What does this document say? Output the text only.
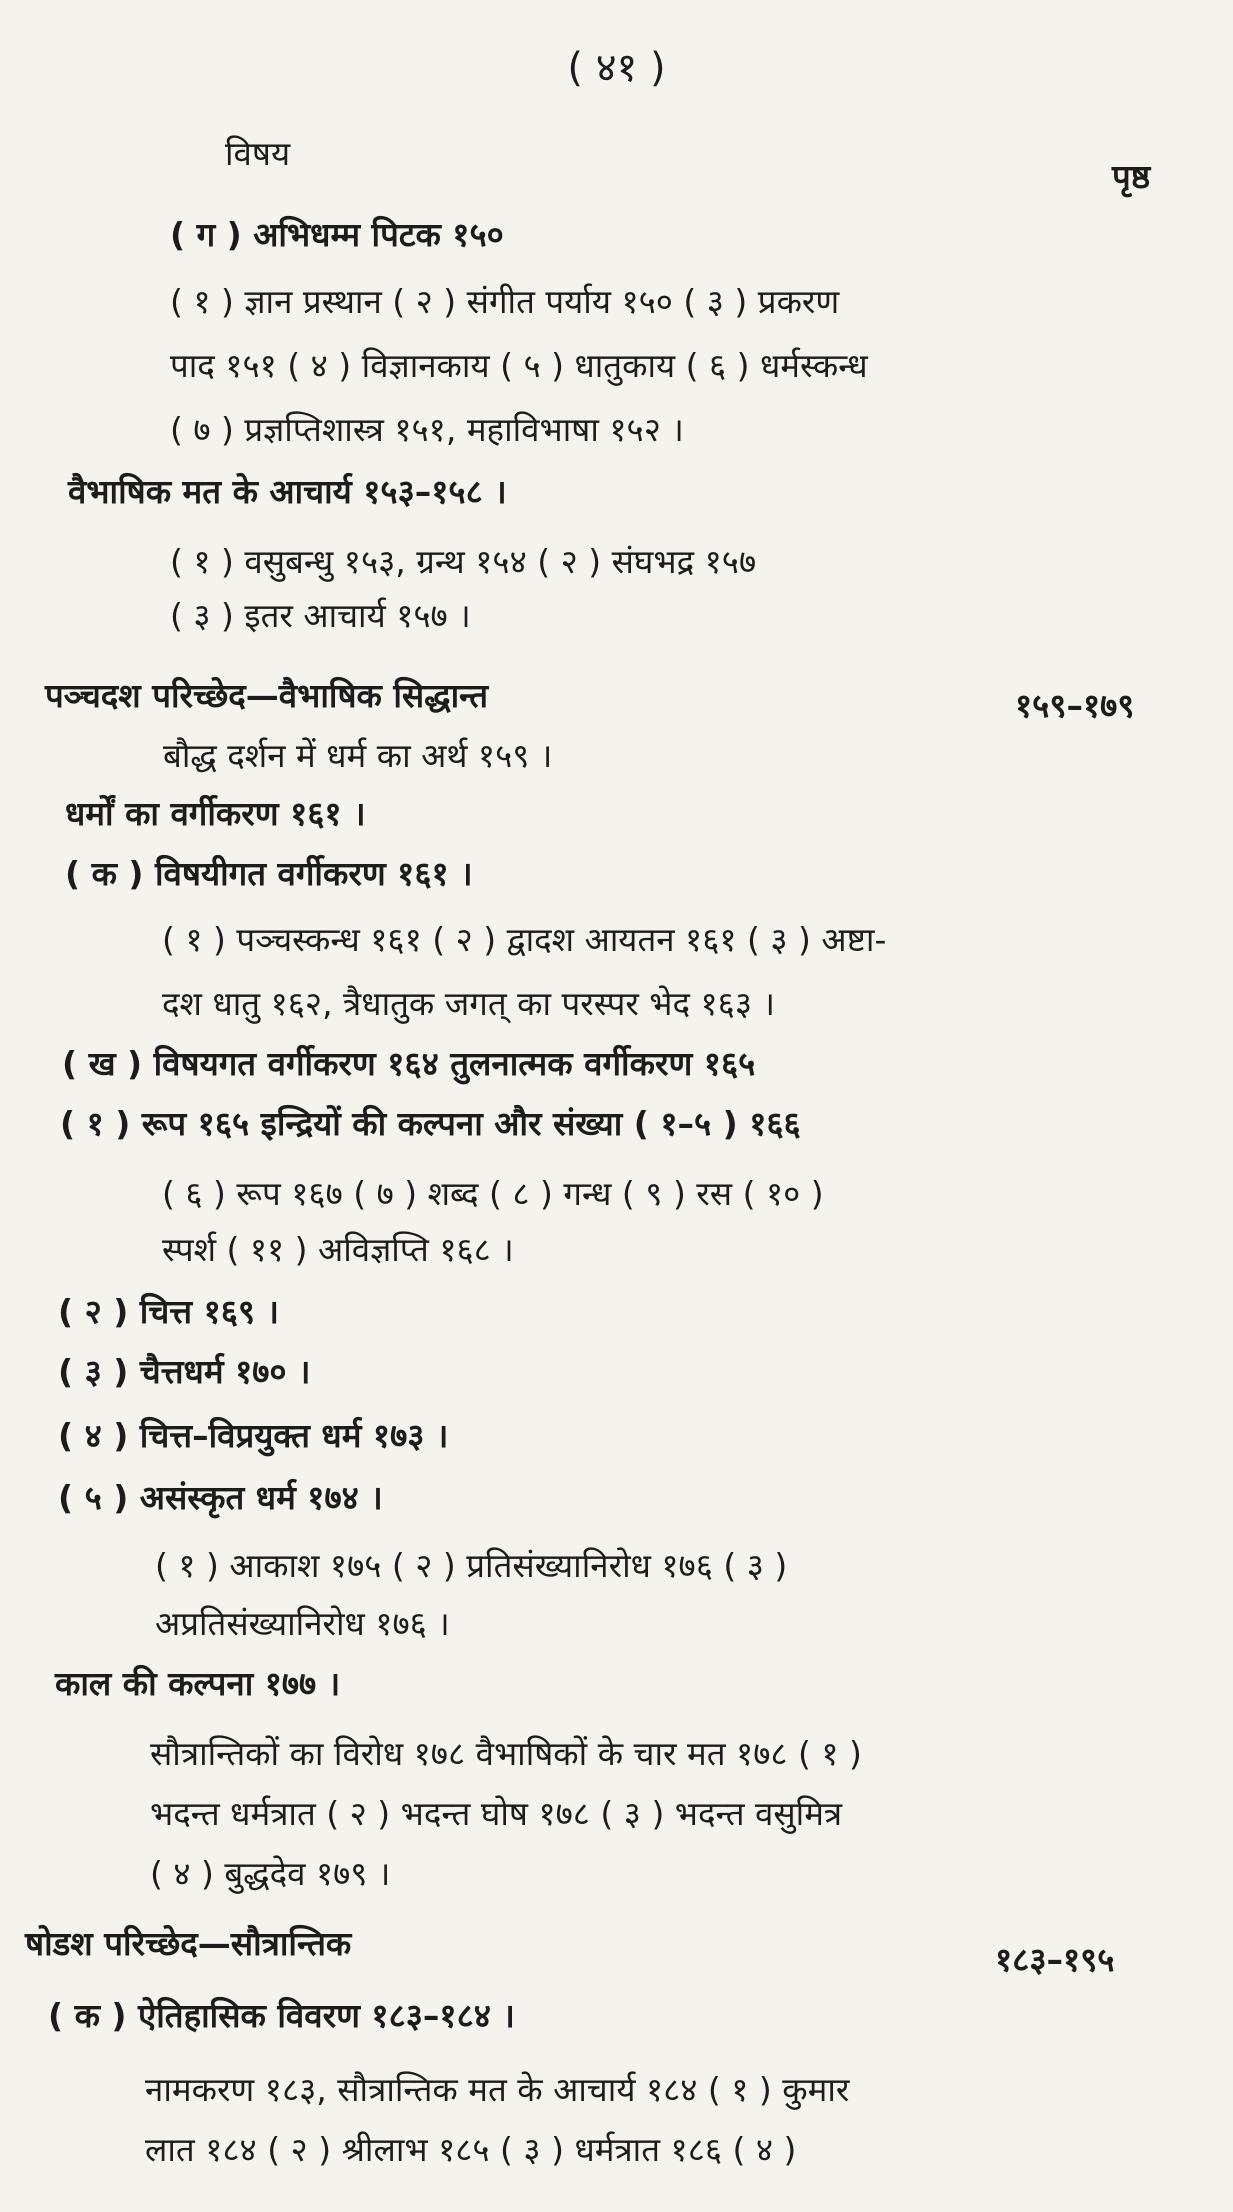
( ४१ )
विषय
पृष्ठ
( ग ) अभिधम्म पिटक १५०
( १ ) ज्ञान प्रस्थान ( २ ) संगीत पर्याय १५० ( ३ ) प्रकरण
पाद १५१ ( ४ ) विज्ञानकाय ( ५ ) धातुकाय ( ६ ) धर्मस्कन्ध
( ७ ) प्रज्ञप्तिशास्त्र १५१, महाविभाषा १५२ ।
वैभाषिक मत के आचार्य १५३–१५८ ।
( १ ) वसुबन्धु १५३, ग्रन्थ १५४ ( २ ) संघभद्र १५७
( ३ ) इतर आचार्य १५७ ।
पञ्चदश परिच्छेद—वैभाषिक सिद्धान्त	१५९–१७९
बौद्ध दर्शन में धर्म का अर्थ १५९ ।
धर्मों का वर्गीकरण १६१ ।
( क ) विषयीगत वर्गीकरण १६१ ।
( १ ) पञ्चस्कन्ध १६१ ( २ ) द्वादश आयतन १६१ ( ३ ) अष्टा-
दश धातु १६२, त्रैधातुक जगत् का परस्पर भेद १६३ ।
( ख ) विषयगत वर्गीकरण १६४ तुलनात्मक वर्गीकरण १६५
( १ ) रूप १६५ इन्द्रियों की कल्पना और संख्या ( १–५ ) १६६
( ६ ) रूप १६७ ( ७ ) शब्द ( ८ ) गन्ध ( ९ ) रस ( १० )
स्पर्श ( ११ ) अविज्ञप्ति १६८ ।
( २ ) चित्त १६९ ।
( ३ ) चैत्तधर्म १७० ।
( ४ ) चित्त–विप्रयुक्त धर्म १७३ ।
( ५ ) असंस्कृत धर्म १७४ ।
( १ ) आकाश १७५ ( २ ) प्रतिसंख्यानिरोध १७६ ( ३ )
अप्रतिसंख्यानिरोध १७६ ।
काल की कल्पना १७७ ।
सौत्रान्तिकों का विरोध १७८ वैभाषिकों के चार मत १७८ ( १ )
भदन्त धर्मत्रात ( २ ) भदन्त घोष १७८ ( ३ ) भदन्त वसुमित्र
( ४ ) बुद्धदेव १७९ ।
षोडश परिच्छेद—सौत्रान्तिक	१८३–१९५
( क ) ऐतिहासिक विवरण १८३–१८४ ।
नामकरण १८३, सौत्रान्तिक मत के आचार्य १८४ ( १ ) कुमार
लात १८४ ( २ ) श्रीलाभ १८५ ( ३ ) धर्मत्रात १८६ ( ४ )
